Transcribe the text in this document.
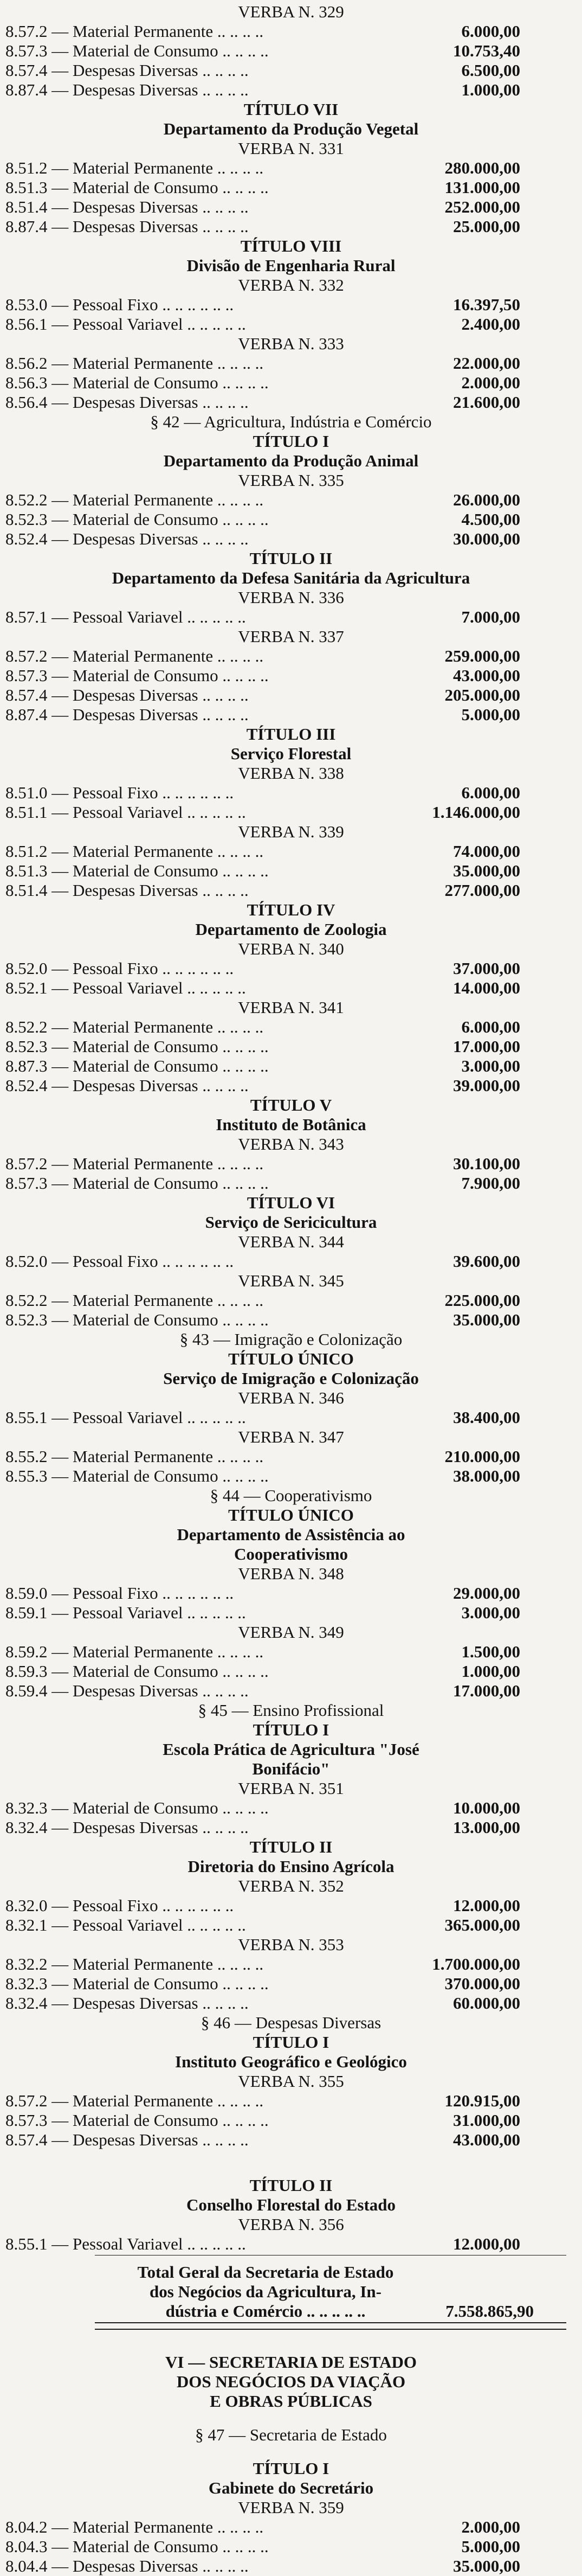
VERBA N. 329
8.57.2 — Material Permanente .. .. .. ..	6.000,00
8.57.3 — Material de Consumo .. .. .. ..	10.753,40
8.57.4 — Despesas Diversas .. .. .. ..	6.500,00
8.87.4 — Despesas Diversas .. .. .. ..	1.000,00
TÍTULO VII
Departamento da Produção Vegetal
VERBA N. 331
8.51.2 — Material Permanente .. .. .. ..	280.000,00
8.51.3 — Material de Consumo .. .. .. ..	131.000,00
8.51.4 — Despesas Diversas .. .. .. ..	252.000,00
8.87.4 — Despesas Diversas .. .. .. ..	25.000,00
TÍTULO VIII
Divisão de Engenharia Rural
VERBA N. 332
8.53.0 — Pessoal Fixo .. .. .. .. .. ..	16.397,50
8.56.1 — Pessoal Variavel .. .. .. .. ..	2.400,00
VERBA N. 333
8.56.2 — Material Permanente .. .. .. ..	22.000,00
8.56.3 — Material de Consumo .. .. .. ..	2.000,00
8.56.4 — Despesas Diversas .. .. .. ..	21.600,00
§ 42 — Agricultura, Indústria e Comércio
TÍTULO I
Departamento da Produção Animal
VERBA N. 335
8.52.2 — Material Permanente .. .. .. ..	26.000,00
8.52.3 — Material de Consumo .. .. .. ..	4.500,00
8.52.4 — Despesas Diversas .. .. .. ..	30.000,00
TÍTULO II
Departamento da Defesa Sanitária da Agricultura
VERBA N. 336
8.57.1 — Pessoal Variavel .. .. .. .. ..	7.000,00
VERBA N. 337
8.57.2 — Material Permanente .. .. .. ..	259.000,00
8.57.3 — Material de Consumo .. .. .. ..	43.000,00
8.57.4 — Despesas Diversas .. .. .. ..	205.000,00
8.87.4 — Despesas Diversas .. .. .. ..	5.000,00
TÍTULO III
Serviço Florestal
VERBA N. 338
8.51.0 — Pessoal Fixo .. .. .. .. .. ..	6.000,00
8.51.1 — Pessoal Variavel .. .. .. .. ..	1.146.000,00
VERBA N. 339
8.51.2 — Material Permanente .. .. .. ..	74.000,00
8.51.3 — Material de Consumo .. .. .. ..	35.000,00
8.51.4 — Despesas Diversas .. .. .. ..	277.000,00
TÍTULO IV
Departamento de Zoologia
VERBA N. 340
8.52.0 — Pessoal Fixo .. .. .. .. .. ..	37.000,00
8.52.1 — Pessoal Variavel .. .. .. .. ..	14.000,00
VERBA N. 341
8.52.2 — Material Permanente .. .. .. ..	6.000,00
8.52.3 — Material de Consumo .. .. .. ..	17.000,00
8.87.3 — Material de Consumo .. .. .. ..	3.000,00
8.52.4 — Despesas Diversas .. .. .. ..	39.000,00
TÍTULO V
Instituto de Botânica
VERBA N. 343
8.57.2 — Material Permanente .. .. .. ..	30.100,00
8.57.3 — Material de Consumo .. .. .. ..	7.900,00
TÍTULO VI
Serviço de Sericicultura
VERBA N. 344
8.52.0 — Pessoal Fixo .. .. .. .. .. ..	39.600,00
VERBA N. 345
8.52.2 — Material Permanente .. .. .. ..	225.000,00
8.52.3 — Material de Consumo .. .. .. ..	35.000,00
§ 43 — Imigração e Colonização
TÍTULO ÚNICO
Serviço de Imigração e Colonização
VERBA N. 346
8.55.1 — Pessoal Variavel .. .. .. .. ..	38.400,00
VERBA N. 347
8.55.2 — Material Permanente .. .. .. ..	210.000,00
8.55.3 — Material de Consumo .. .. .. ..	38.000,00
§ 44 — Cooperativismo
TÍTULO ÚNICO
Departamento de Assistência ao
Cooperativismo
VERBA N. 348
8.59.0 — Pessoal Fixo .. .. .. .. .. ..	29.000,00
8.59.1 — Pessoal Variavel .. .. .. .. ..	3.000,00
VERBA N. 349
8.59.2 — Material Permanente .. .. .. ..	1.500,00
8.59.3 — Material de Consumo .. .. .. ..	1.000,00
8.59.4 — Despesas Diversas .. .. .. ..	17.000,00
§ 45 — Ensino Profissional
TÍTULO I
Escola Prática de Agricultura "José
Bonifácio"
VERBA N. 351
8.32.3 — Material de Consumo .. .. .. ..	10.000,00
8.32.4 — Despesas Diversas .. .. .. ..	13.000,00
TÍTULO II
Diretoria do Ensino Agrícola
VERBA N. 352
8.32.0 — Pessoal Fixo .. .. .. .. .. ..	12.000,00
8.32.1 — Pessoal Variavel .. .. .. .. ..	365.000,00
VERBA N. 353
8.32.2 — Material Permanente .. .. .. ..	1.700.000,00
8.32.3 — Material de Consumo .. .. .. ..	370.000,00
8.32.4 — Despesas Diversas .. .. .. ..	60.000,00
§ 46 — Despesas Diversas
TÍTULO I
Instituto Geográfico e Geológico
VERBA N. 355
8.57.2 — Material Permanente .. .. .. ..	120.915,00
8.57.3 — Material de Consumo .. .. .. ..	31.000,00
8.57.4 — Despesas Diversas .. .. .. ..	43.000,00
TÍTULO II
Conselho Florestal do Estado
VERBA N. 356
8.55.1 — Pessoal Variavel .. .. .. .. ..	12.000,00
Total Geral da Secretaria de Estado
dos Negócios da Agricultura, In-
dústria e Comércio .. .. .. .. ..	7.558.865,90
VI — SECRETARIA DE ESTADO
DOS NEGÓCIOS DA VIAÇÃO
E OBRAS PÚBLICAS
§ 47 — Secretaria de Estado
TÍTULO I
Gabinete do Secretário
VERBA N. 359
8.04.2 — Material Permanente .. .. .. ..	2.000,00
8.04.3 — Material de Consumo .. .. .. ..	5.000,00
8.04.4 — Despesas Diversas .. .. .. ..	35.000,00
